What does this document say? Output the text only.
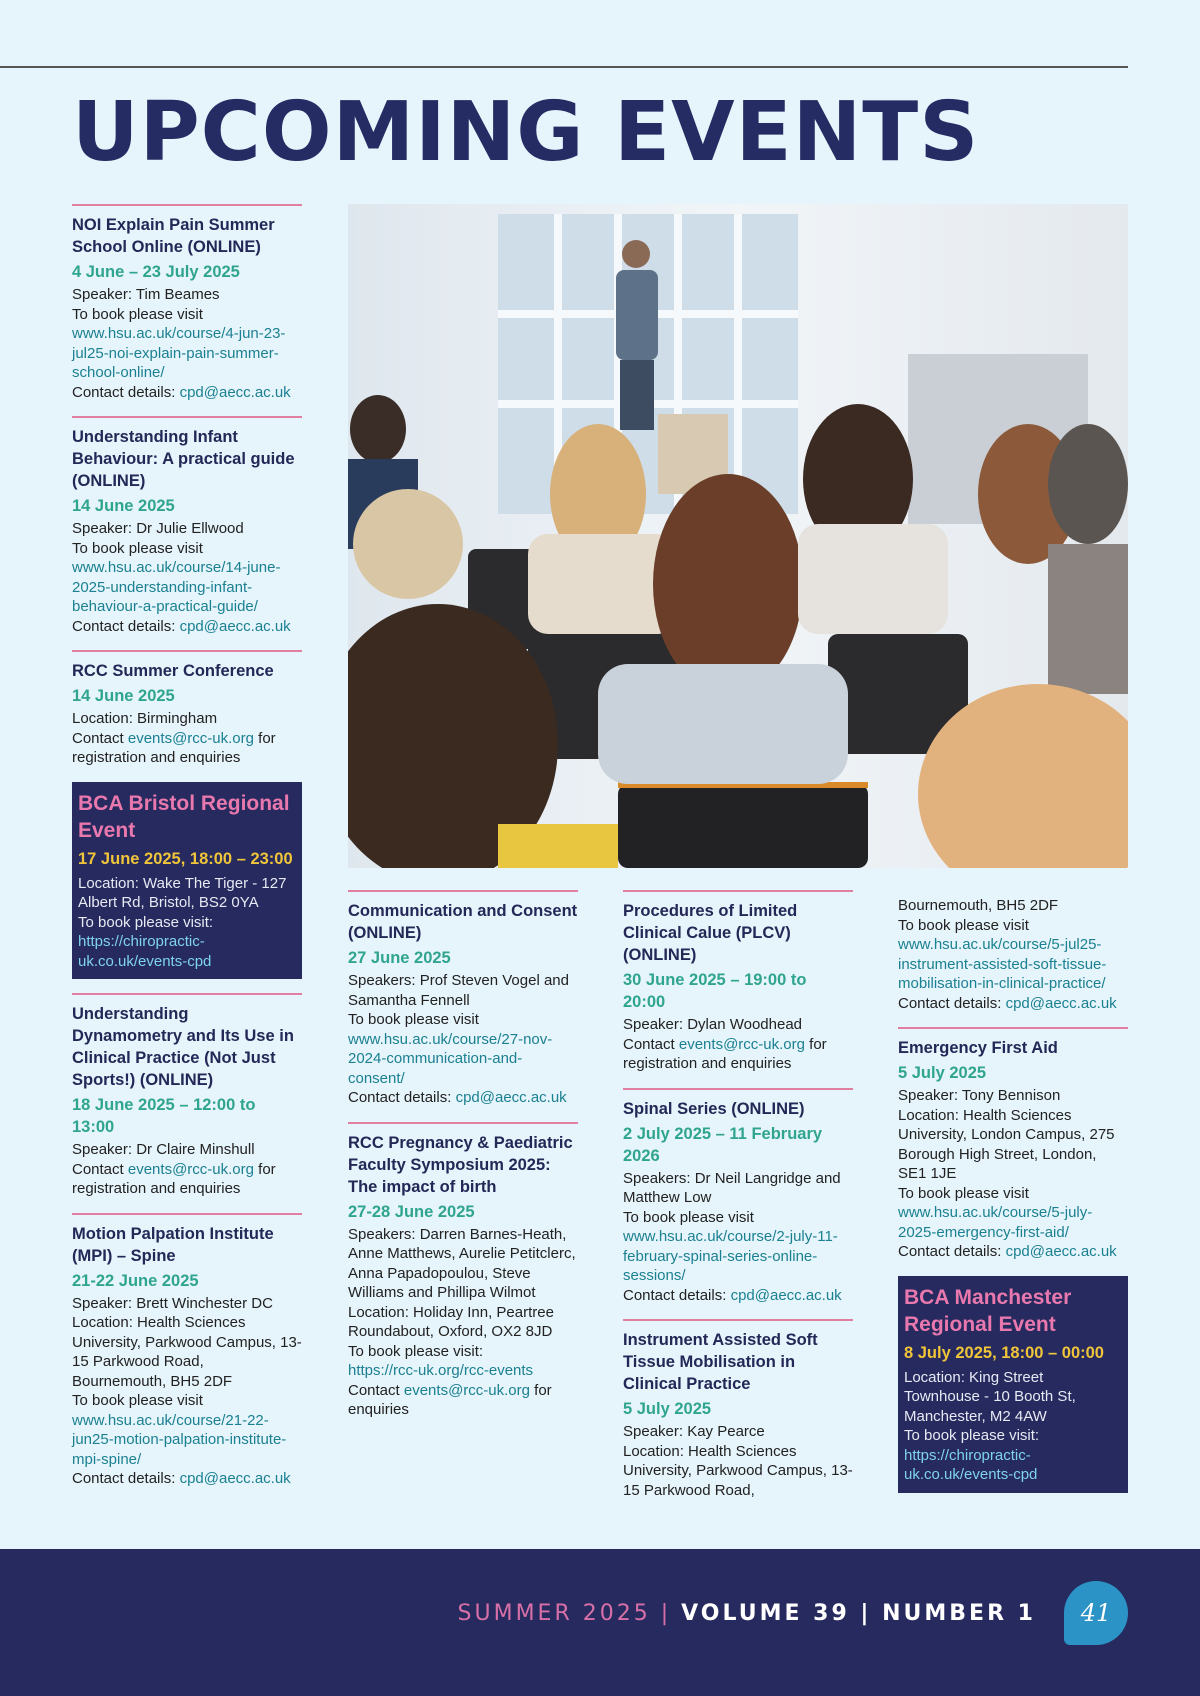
UPCOMING EVENTS
NOI Explain Pain Summer School Online (ONLINE)
4 June – 23 July 2025
Speaker: Tim Beames
To book please visit
www.hsu.ac.uk/course/4-jun-23-jul25-noi-explain-pain-summer-school-online/
Contact details: cpd@aecc.ac.uk
Understanding Infant Behaviour: A practical guide (ONLINE)
14 June 2025
Speaker: Dr Julie Ellwood
To book please visit
www.hsu.ac.uk/course/14-june-2025-understanding-infant-behaviour-a-practical-guide/
Contact details: cpd@aecc.ac.uk
RCC Summer Conference
14 June 2025
Location: Birmingham
Contact events@rcc-uk.org for registration and enquiries
BCA Bristol Regional Event
17 June 2025, 18:00 – 23:00
Location: Wake The Tiger - 127 Albert Rd, Bristol, BS2 0YA
To book please visit:
https://chiropractic-uk.co.uk/events-cpd
Understanding Dynamometry and Its Use in Clinical Practice (Not Just Sports!) (ONLINE)
18 June 2025 – 12:00 to 13:00
Speaker: Dr Claire Minshull
Contact events@rcc-uk.org for registration and enquiries
Motion Palpation Institute (MPI) – Spine
21-22 June 2025
Speaker: Brett Winchester DC
Location: Health Sciences University, Parkwood Campus, 13-15 Parkwood Road, Bournemouth, BH5 2DF
To book please visit
www.hsu.ac.uk/course/21-22-jun25-motion-palpation-institute-mpi-spine/
Contact details: cpd@aecc.ac.uk
Communication and Consent (ONLINE)
27 June 2025
Speakers: Prof Steven Vogel and Samantha Fennell
To book please visit
www.hsu.ac.uk/course/27-nov-2024-communication-and-consent/
Contact details: cpd@aecc.ac.uk
RCC Pregnancy & Paediatric Faculty Symposium 2025: The impact of birth
27-28 June 2025
Speakers: Darren Barnes-Heath, Anne Matthews, Aurelie Petitclerc, Anna Papadopoulou, Steve Williams and Phillipa Wilmot
Location: Holiday Inn, Peartree Roundabout, Oxford, OX2 8JD
To book please visit:
https://rcc-uk.org/rcc-events
Contact events@rcc-uk.org for enquiries
Procedures of Limited Clinical Calue (PLCV) (ONLINE)
30 June 2025 – 19:00 to 20:00
Speaker: Dylan Woodhead
Contact events@rcc-uk.org for registration and enquiries
Spinal Series (ONLINE)
2 July 2025 – 11 February 2026
Speakers: Dr Neil Langridge and Matthew Low
To book please visit
www.hsu.ac.uk/course/2-july-11-february-spinal-series-online-sessions/
Contact details: cpd@aecc.ac.uk
Instrument Assisted Soft Tissue Mobilisation in Clinical Practice
5 July 2025
Speaker: Kay Pearce
Location: Health Sciences University, Parkwood Campus, 13-15 Parkwood Road,
Bournemouth, BH5 2DF
To book please visit
www.hsu.ac.uk/course/5-jul25-instrument-assisted-soft-tissue-mobilisation-in-clinical-practice/
Contact details: cpd@aecc.ac.uk
Emergency First Aid
5 July 2025
Speaker: Tony Bennison
Location: Health Sciences University, London Campus, 275 Borough High Street, London, SE1 1JE
To book please visit
www.hsu.ac.uk/course/5-july-2025-emergency-first-aid/
Contact details: cpd@aecc.ac.uk
BCA Manchester Regional Event
8 July 2025, 18:00 – 00:00
Location: King Street Townhouse - 10 Booth St, Manchester, M2 4AW
To book please visit:
https://chiropractic-uk.co.uk/events-cpd
SUMMER 2025 | VOLUME 39 | NUMBER 1	41
